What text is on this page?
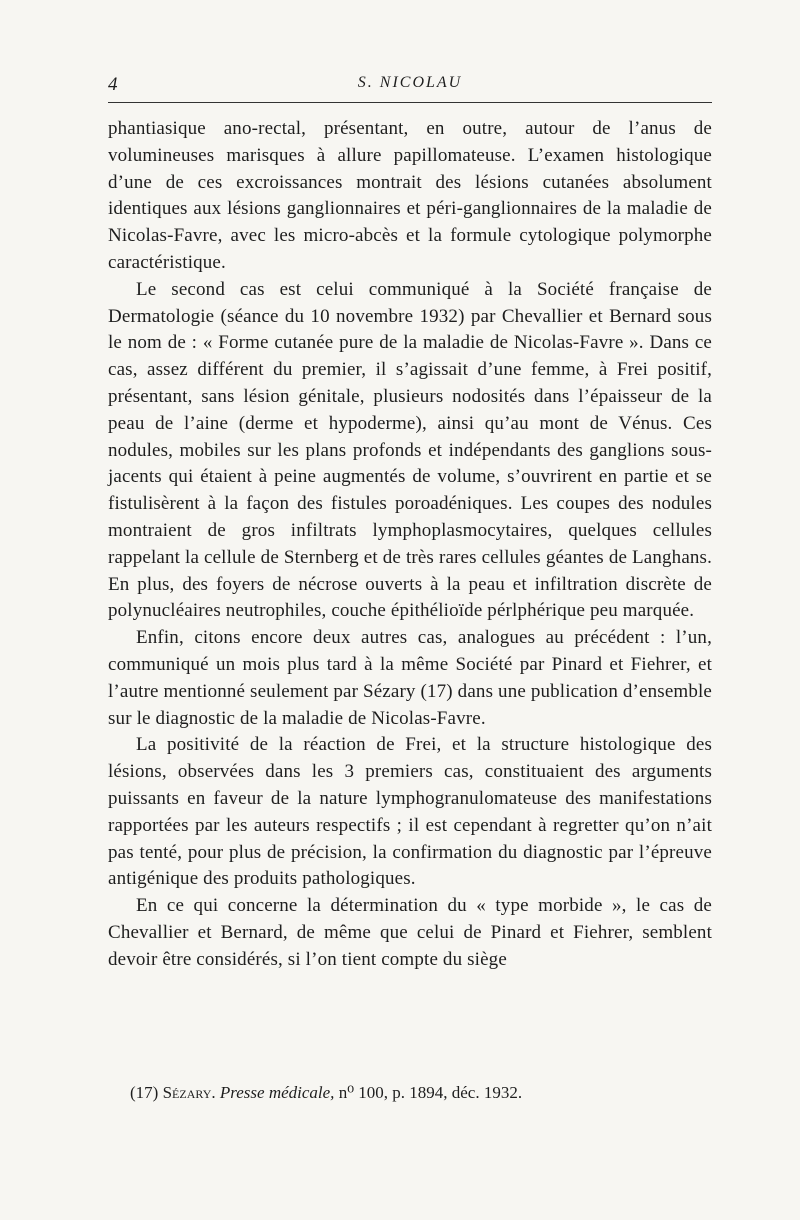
4	S. NICOLAU

phantiasique ano-rectal, présentant, en outre, autour de l’anus de volumineuses marisques à allure papillomateuse. L’examen histologique d’une de ces excroissances montrait des lésions cutanées absolument identiques aux lésions ganglionnaires et péri-ganglionnaires de la maladie de Nicolas-Favre, avec les micro-abcès et la formule cytologique polymorphe caractéristique.

Le second cas est celui communiqué à la Société française de Dermatologie (séance du 10 novembre 1932) par Chevallier et Bernard sous le nom de : « Forme cutanée pure de la maladie de Nicolas-Favre ». Dans ce cas, assez différent du premier, il s’agissait d’une femme, à Frei positif, présentant, sans lésion génitale, plusieurs nodosités dans l’épaisseur de la peau de l’aine (derme et hypoderme), ainsi qu’au mont de Vénus. Ces nodules, mobiles sur les plans profonds et indépendants des ganglions sous-jacents qui étaient à peine augmentés de volume, s’ouvrirent en partie et se fistulisèrent à la façon des fistules poroadéniques. Les coupes des nodules montraient de gros infiltrats lymphoplasmocytaires, quelques cellules rappelant la cellule de Sternberg et de très rares cellules géantes de Langhans. En plus, des foyers de nécrose ouverts à la peau et infiltration discrète de polynucléaires neutrophiles, couche épithélioïde pérlphérique peu marquée.

Enfin, citons encore deux autres cas, analogues au précédent : l’un, communiqué un mois plus tard à la même Société par Pinard et Fiehrer, et l’autre mentionné seulement par Sézary (17) dans une publication d’ensemble sur le diagnostic de la maladie de Nicolas-Favre.

La positivité de la réaction de Frei, et la structure histologique des lésions, observées dans les 3 premiers cas, constituaient des arguments puissants en faveur de la nature lymphogranulomateuse des manifestations rapportées par les auteurs respectifs ; il est cependant à regretter qu’on n’ait pas tenté, pour plus de précision, la confirmation du diagnostic par l’épreuve antigénique des produits pathologiques.

En ce qui concerne la détermination du « type morbide », le cas de Chevallier et Bernard, de même que celui de Pinard et Fiehrer, semblent devoir être considérés, si l’on tient compte du siège

(17) Sézary. Presse médicale, n⁰ 100, p. 1894, déc. 1932.
